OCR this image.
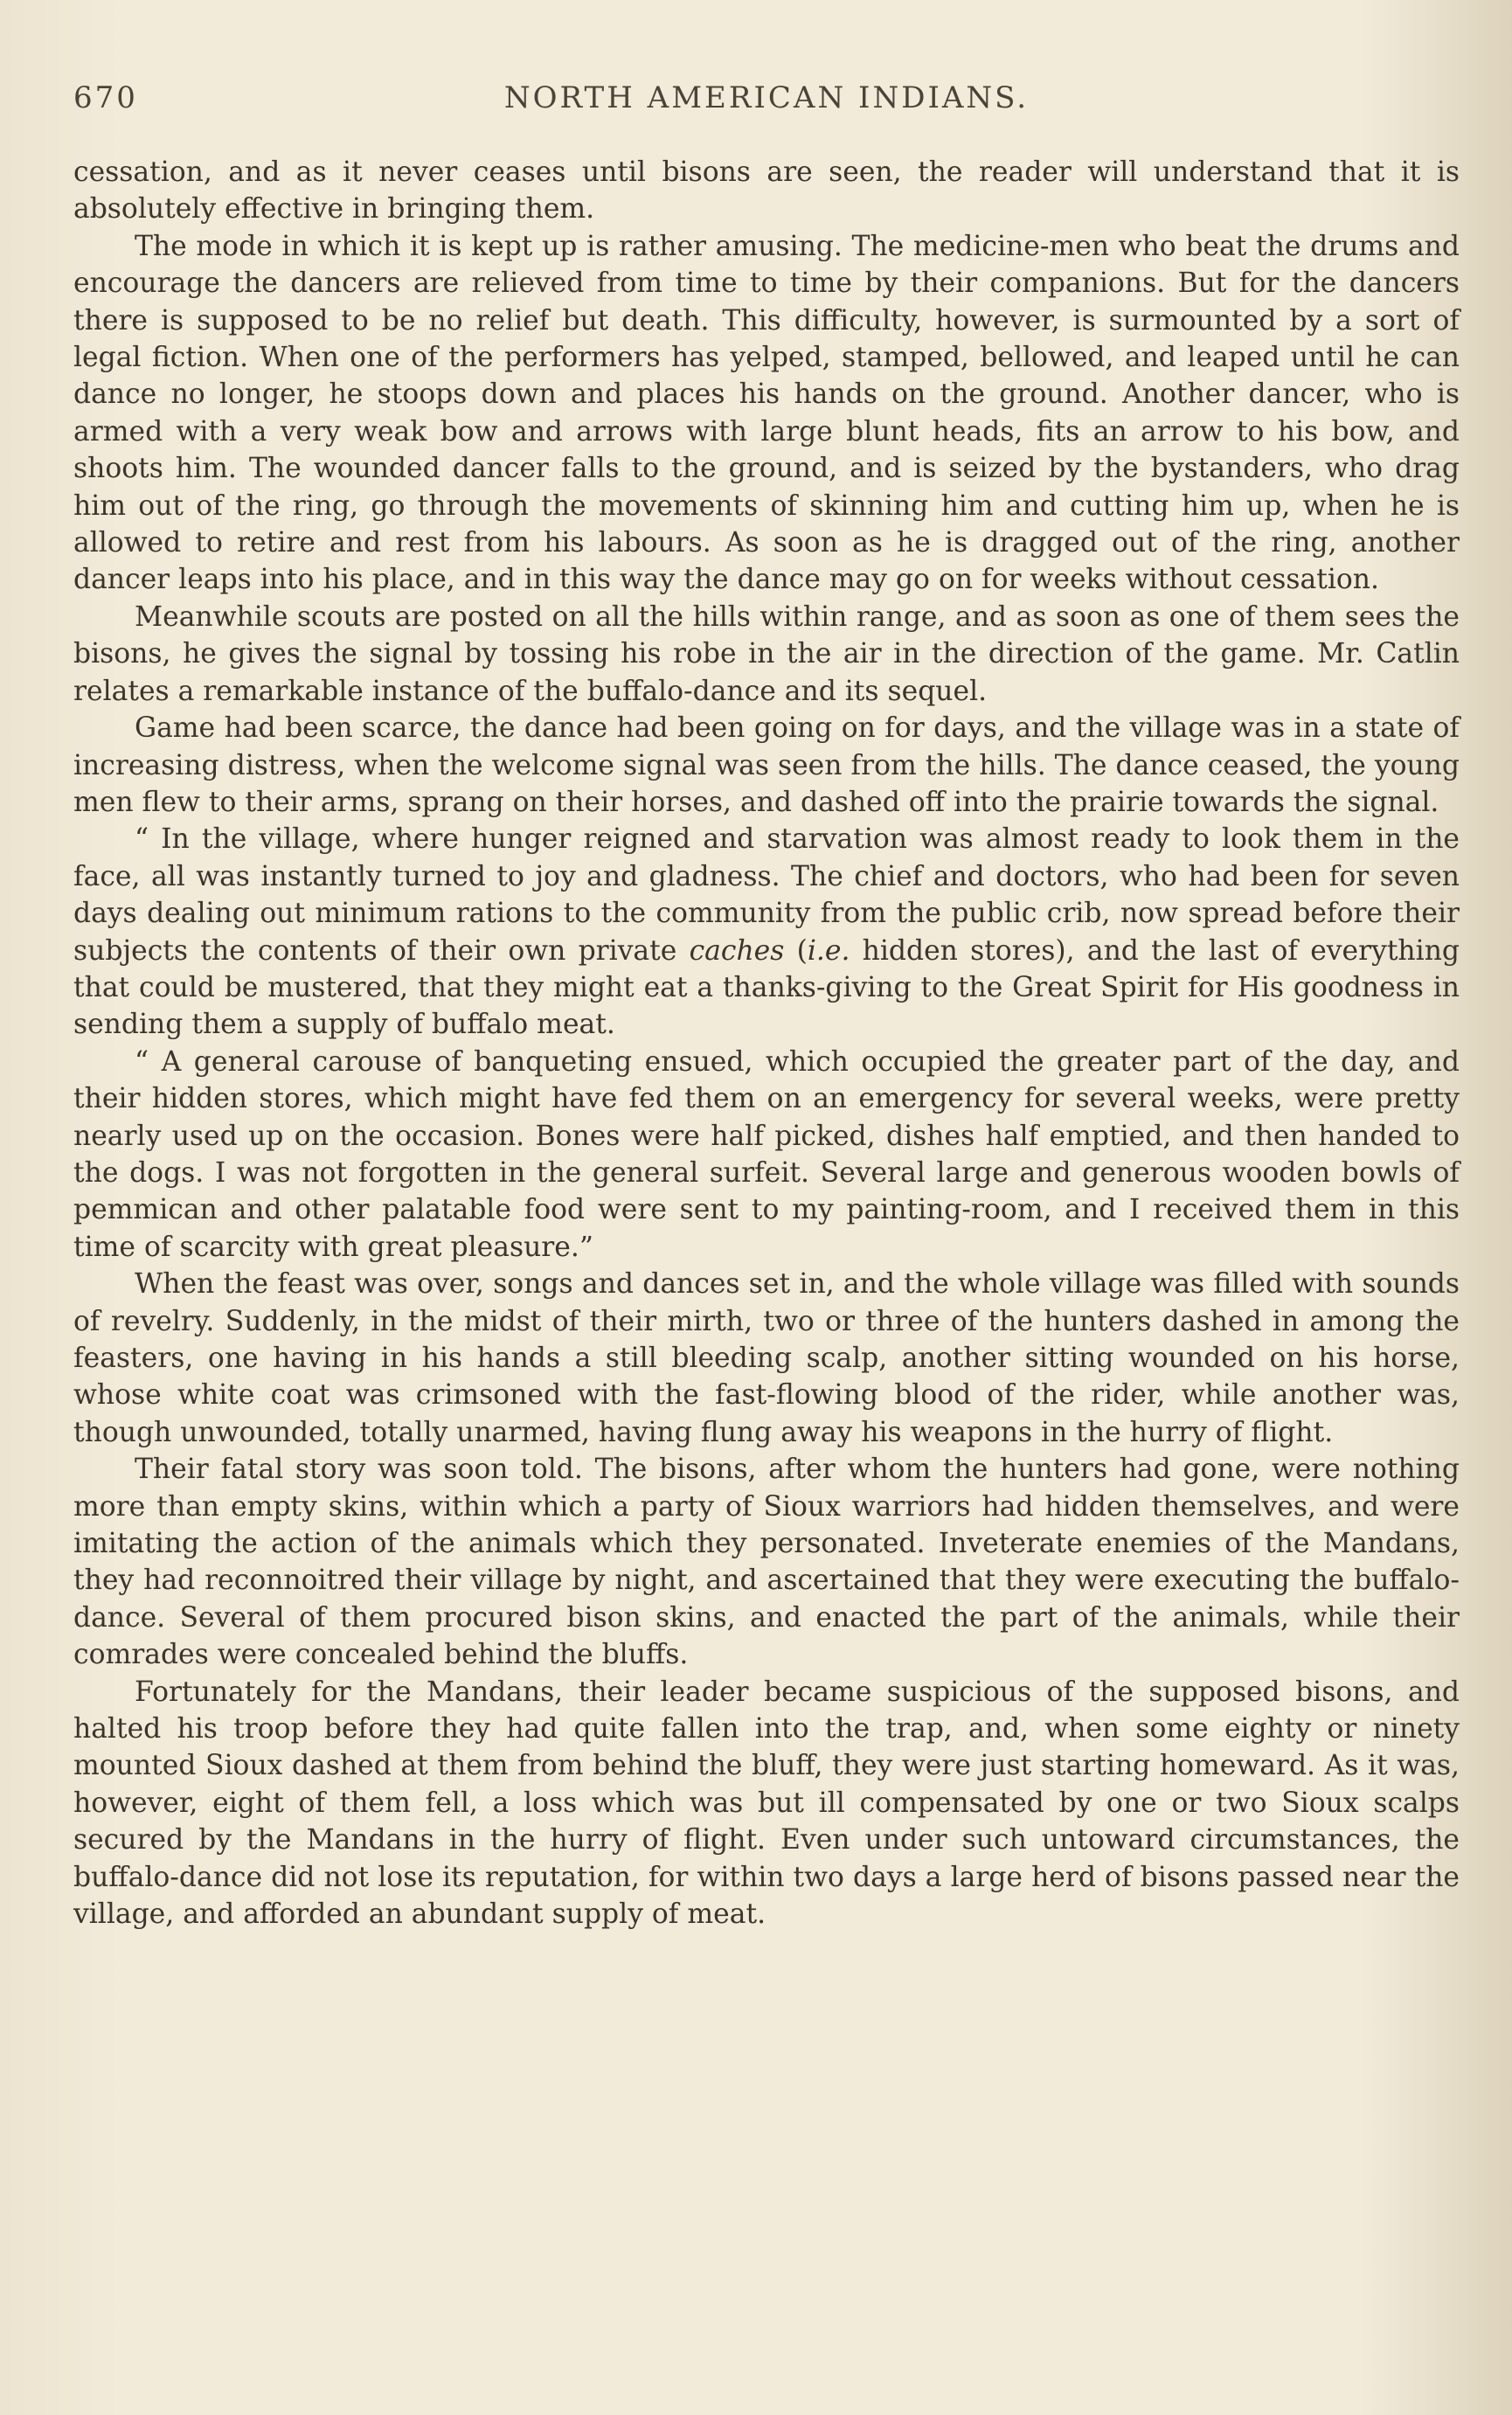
670	NORTH AMERICAN INDIANS.

cessation, and as it never ceases until bisons are seen, the reader will understand that it is absolutely effective in bringing them.

The mode in which it is kept up is rather amusing. The medicine-men who beat the drums and encourage the dancers are relieved from time to time by their companions. But for the dancers there is supposed to be no relief but death. This difficulty, however, is surmounted by a sort of legal fiction. When one of the performers has yelped, stamped, bellowed, and leaped until he can dance no longer, he stoops down and places his hands on the ground. Another dancer, who is armed with a very weak bow and arrows with large blunt heads, fits an arrow to his bow, and shoots him. The wounded dancer falls to the ground, and is seized by the bystanders, who drag him out of the ring, go through the movements of skinning him and cutting him up, when he is allowed to retire and rest from his labours. As soon as he is dragged out of the ring, another dancer leaps into his place, and in this way the dance may go on for weeks without cessation.

Meanwhile scouts are posted on all the hills within range, and as soon as one of them sees the bisons, he gives the signal by tossing his robe in the air in the direction of the game. Mr. Catlin relates a remarkable instance of the buffalo-dance and its sequel.

Game had been scarce, the dance had been going on for days, and the village was in a state of increasing distress, when the welcome signal was seen from the hills. The dance ceased, the young men flew to their arms, sprang on their horses, and dashed off into the prairie towards the signal.

“ In the village, where hunger reigned and starvation was almost ready to look them in the face, all was instantly turned to joy and gladness. The chief and doctors, who had been for seven days dealing out minimum rations to the community from the public crib, now spread before their subjects the contents of their own private caches (i.e. hidden stores), and the last of everything that could be mustered, that they might eat a thanks-giving to the Great Spirit for His goodness in sending them a supply of buffalo meat.

“ A general carouse of banqueting ensued, which occupied the greater part of the day, and their hidden stores, which might have fed them on an emergency for several weeks, were pretty nearly used up on the occasion. Bones were half picked, dishes half emptied, and then handed to the dogs. I was not forgotten in the general surfeit. Several large and generous wooden bowls of pemmican and other palatable food were sent to my painting-room, and I received them in this time of scarcity with great pleasure.”

When the feast was over, songs and dances set in, and the whole village was filled with sounds of revelry. Suddenly, in the midst of their mirth, two or three of the hunters dashed in among the feasters, one having in his hands a still bleeding scalp, another sitting wounded on his horse, whose white coat was crimsoned with the fast-flowing blood of the rider, while another was, though unwounded, totally unarmed, having flung away his weapons in the hurry of flight.

Their fatal story was soon told. The bisons, after whom the hunters had gone, were nothing more than empty skins, within which a party of Sioux warriors had hidden themselves, and were imitating the action of the animals which they personated. Inveterate enemies of the Mandans, they had reconnoitred their village by night, and ascertained that they were executing the buffalo-dance. Several of them procured bison skins, and enacted the part of the animals, while their comrades were concealed behind the bluffs.

Fortunately for the Mandans, their leader became suspicious of the supposed bisons, and halted his troop before they had quite fallen into the trap, and, when some eighty or ninety mounted Sioux dashed at them from behind the bluff, they were just starting homeward. As it was, however, eight of them fell, a loss which was but ill compensated by one or two Sioux scalps secured by the Mandans in the hurry of flight. Even under such untoward circumstances, the buffalo-dance did not lose its reputation, for within two days a large herd of bisons passed near the village, and afforded an abundant supply of meat.
